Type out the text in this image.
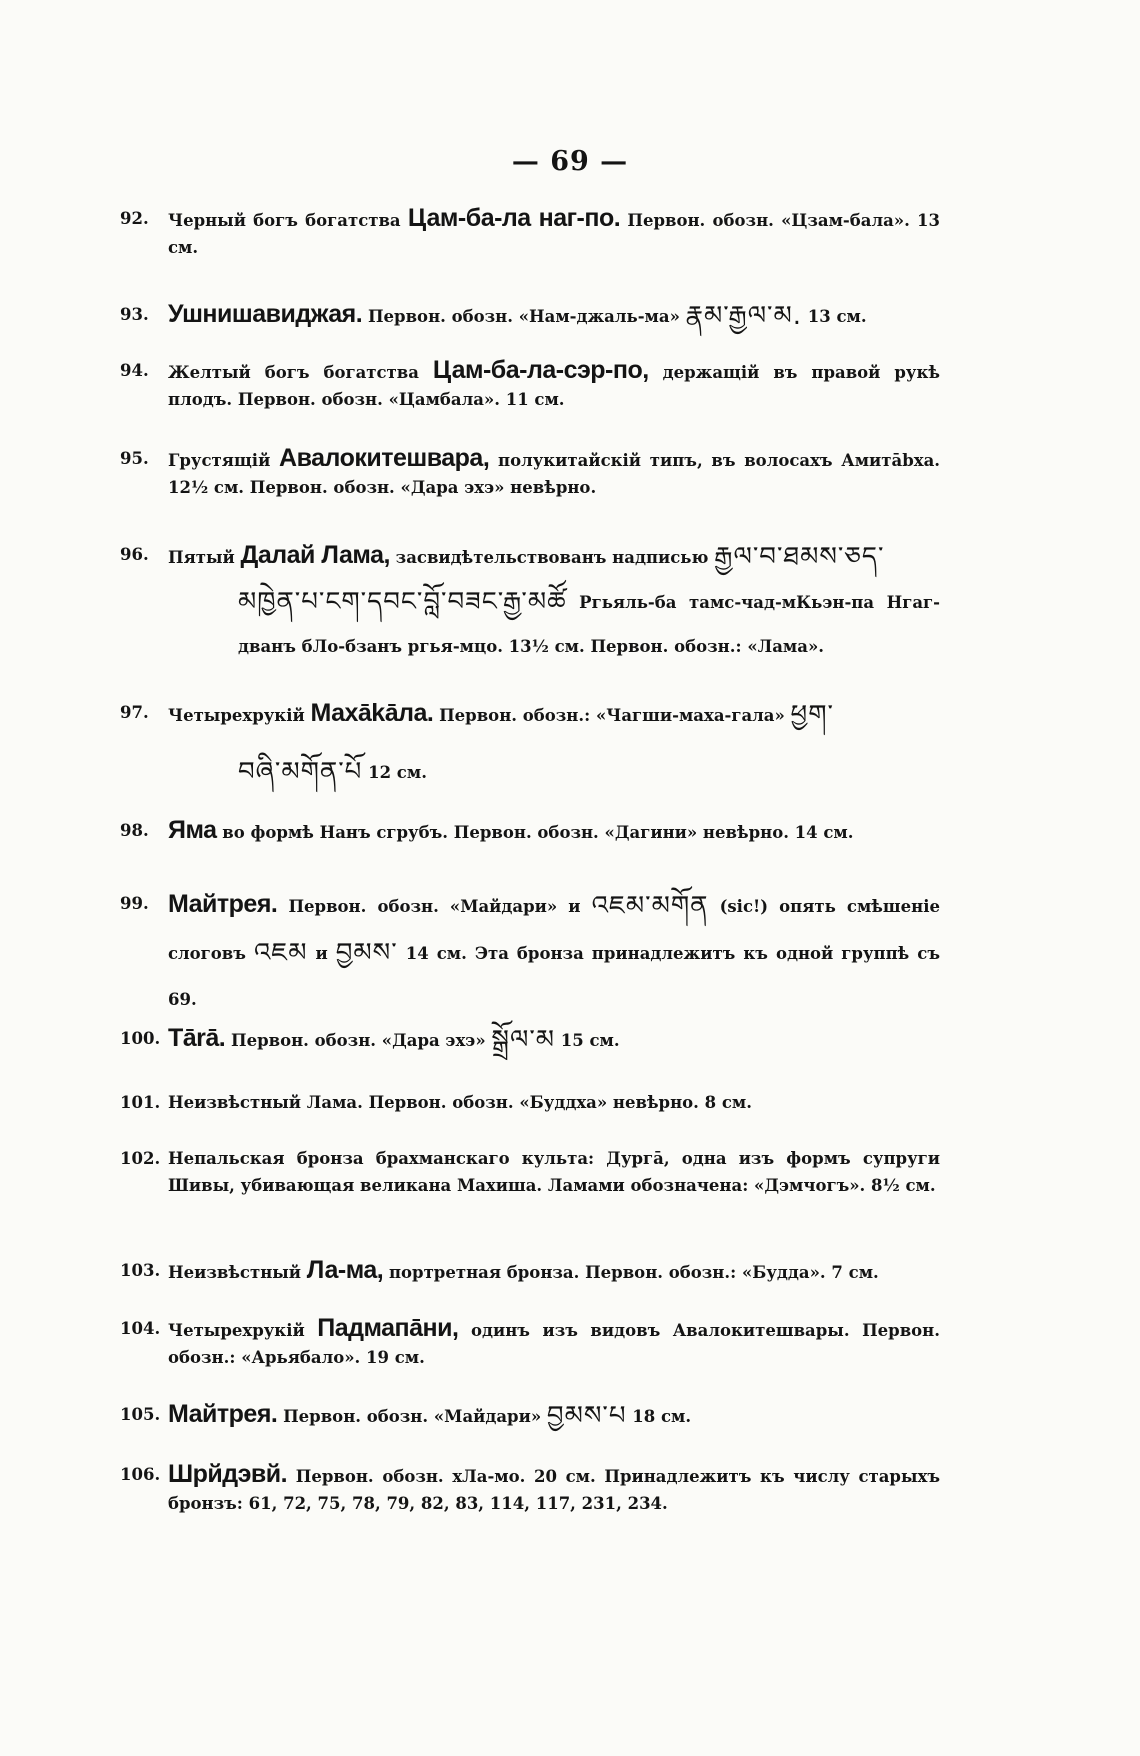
— 69 —
92.	Черный богъ богатства Цам-ба-ла наг-по. Первон. обозн. «Цзам-бала». 13 см.
93. Ушнишавиджая. Первон. обозн. «Нам-джаль-ма» རྣམ་རྒྱལ་མ. 13 см.
94.	Желтый богъ богатства Цам-ба-ла-сэр-по, держащій въ правой рукѣ плодъ. Первон. обозн. «Цамбала». 11 см.
95.	Грустящій Авалокитешвара, полукитайскій типъ, въ волосахъ Амитābха. 12½ см. Первон. обозн. «Дара эхэ» невѣрно.
96.	Пятый Далай Лама, засвидѣтельствованъ надписью རྒྱལ་བ་ཐམས་ཅད་
མཁྱེན་པ་ངག་དབང་བློ་བཟང་རྒྱ་མཚོ Ргьяль-ба тамс-чад-мКьэн-па Нгаг-дванъ бЛо-бзанъ ргья-мцо. 13½ см. Первон. обозн.: «Лама».
97.	Четырехрукій Махākāла. Первон. обозн.: «Чагши-маха-гала» ཕྱག་
བཞི་མགོན་པོ 12 см.
98. Яма во формѣ Нанъ сгрубъ. Первон. обозн. «Дагини» невѣрно. 14 см.
99. Майтрея. Первон. обозн. «Майдари» и འཇམ་མགོན (sic!) опять смѣшеніе слоговъ འཇམ и བྱམས་ 14 см. Эта бронза принадлежитъ къ одной группѣ съ 69.
100. Tārā. Первон. обозн. «Дара эхэ» སྒྲོལ་མ 15 см.
101. Неизвѣстный Лама. Первон. обозн. «Буддха» невѣрно. 8 см.
102. Непальская бронза брахманскаго культа: Дургā, одна изъ формъ супруги Шивы, убивающая великана Махиша. Ламами обозначена: «Дэмчогъ». 8½ см.
103. Неизвѣстный Ла-ма, портретная бронза. Первон. обозн.: «Будда». 7 см.
104. Четырехрукій Падмапāни, одинъ изъ видовъ Авалокитешвары. Первон. обозн.: «Арьябало». 19 см.
105. Майтрея. Первон. обозн. «Майдари» བྱམས་པ 18 см.
106. Шрйдэвй. Первон. обозн. хЛа-мо. 20 см. Принадлежитъ къ числу старыхъ бронзъ: 61, 72, 75, 78, 79, 82, 83, 114, 117, 231, 234.
